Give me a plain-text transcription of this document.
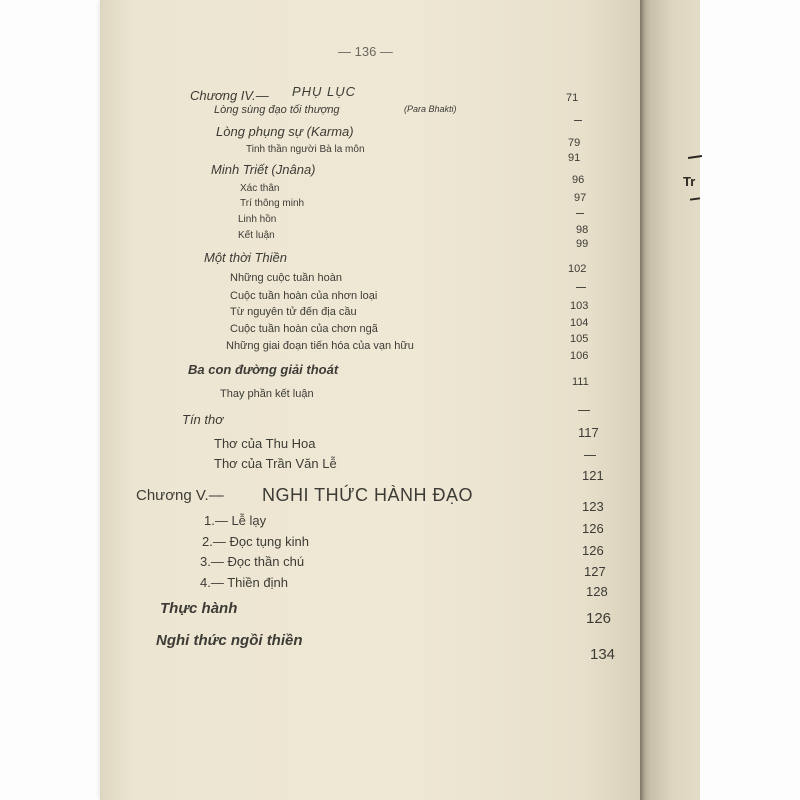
Tr
— 136 —
Chương IV.— PHỤ LỤC	71
Lòng sùng đạo tối thượng	(Para Bhakti)
Lòng phụng sự (Karma)
79
Tinh thần người Bà la môn
91
Minh Triết (Jnâna)
96
Xác thân
97
Trí thông minh
Linh hồn
98
Kết luận
99
Một thời Thiền
102
Những cuộc tuần hoàn
Cuộc tuần hoàn của nhơn loại
103
Từ nguyên tử đến địa cầu
104
Cuộc tuần hoàn của chơn ngã
105
Những giai đoạn tiến hóa của vạn hữu
106
Ba con đường giải thoát
111
Thay phần kết luận
Tín thơ
117
Thơ của Thu Hoa
Thơ của Trần Văn Lễ
121
Chương V.— NGHI THỨC HÀNH ĐẠO
123
1.— Lễ lạy
126
2.— Đọc tụng kinh
126
3.— Đọc thần chú
127
4.— Thiền định
128
Thực hành
126
Nghi thức ngồi thiền
134
